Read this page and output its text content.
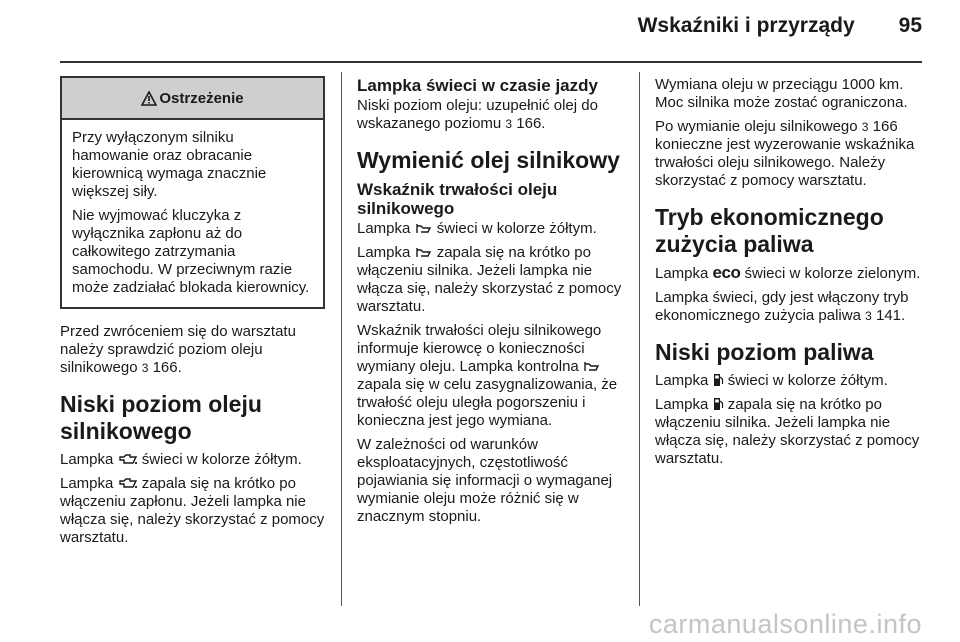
Wskaźniki i przyrządy 95
Ostrzeżenie

Przy wyłączonym silniku hamowanie oraz obracanie kierownicą wymaga znacznie większej siły.

Nie wyjmować kluczyka z wyłącznika zapłonu aż do całkowitego zatrzymania samochodu. W przeciwnym razie może zadziałać blokada kierownicy.

Przed zwróceniem się do warsztatu należy sprawdzić poziom oleju silnikowego 3 166.

Niski poziom oleju silnikowego

Lampka  świeci w kolorze żółtym.

Lampka  zapala się na krótko po włączeniu zapłonu. Jeżeli lampka nie włącza się, należy skorzystać z pomocy warsztatu.

Lampka świeci w czasie jazdy

Niski poziom oleju: uzupełnić olej do wskazanego poziomu 3 166.

Wymienić olej silnikowy
Wskaźnik trwałości oleju silnikowego

Lampka  świeci w kolorze żółtym.

Lampka  zapala się na krótko po włączeniu silnika. Jeżeli lampka nie włącza się, należy skorzystać z pomocy warsztatu.

Wskaźnik trwałości oleju silnikowego informuje kierowcę o konieczności wymiany oleju. Lampka kontrolna  zapala się w celu zasygnalizowania, że trwałość oleju uległa pogorszeniu i konieczna jest jego wymiana.

W zależności od warunków eksploatacyjnych, częstotliwość pojawiania się informacji o wymaganej wymianie oleju może różnić się w znacznym stopniu.

Wymiana oleju w przeciągu 1000 km. Moc silnika może zostać ograniczona.

Po wymianie oleju silnikowego 3 166 konieczne jest wyzerowanie wskaźnika trwałości oleju silnikowego. Należy skorzystać z pomocy warsztatu.

Tryb ekonomicznego zużycia paliwa

Lampka eco świeci w kolorze zielonym.

Lampka świeci, gdy jest włączony tryb ekonomicznego zużycia paliwa 3 141.

Niski poziom paliwa

Lampka  świeci w kolorze żółtym.

Lampka  zapala się na krótko po włączeniu silnika. Jeżeli lampka nie włącza się, należy skorzystać z pomocy warsztatu.

carmanualsonline.info
